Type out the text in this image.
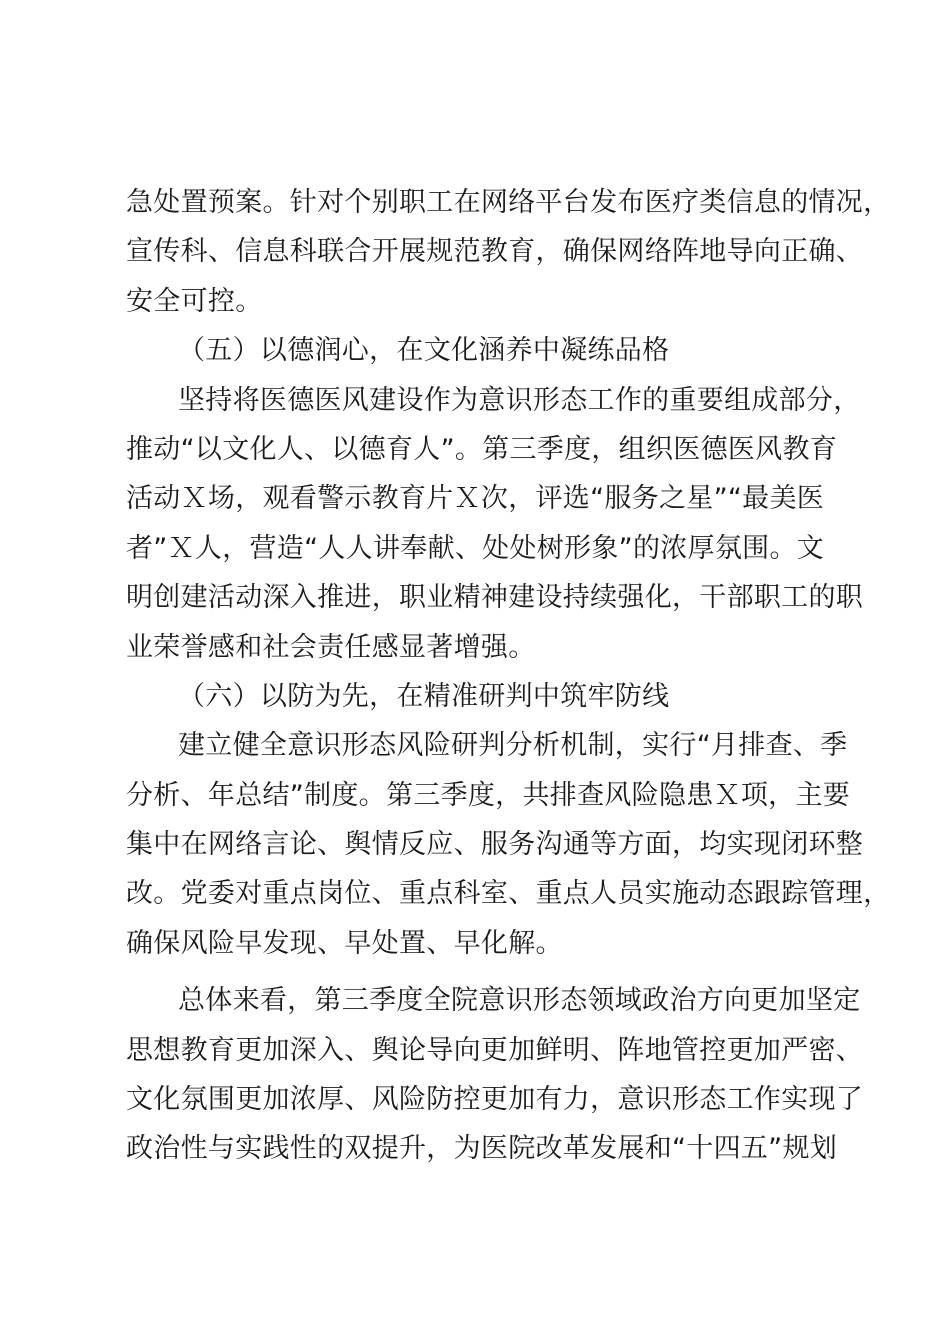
急处置预案。针对个别职工在网络平台发布医疗类信息的情况，
宣传科、信息科联合开展规范教育，确保网络阵地导向正确、
安全可控。
（五）以德润心，在文化涵养中凝练品格
坚持将医德医风建设作为意识形态工作的重要组成部分，
推动“以文化人、以德育人”。第三季度，组织医德医风教育
活动Ｘ场，观看警示教育片Ｘ次，评选“服务之星”“最美医
者”Ｘ人，营造“人人讲奉献、处处树形象”的浓厚氛围。文
明创建活动深入推进，职业精神建设持续强化，干部职工的职
业荣誉感和社会责任感显著增强。
（六）以防为先，在精准研判中筑牢防线
建立健全意识形态风险研判分析机制，实行“月排查、季
分析、年总结”制度。第三季度，共排查风险隐患Ｘ项，主要
集中在网络言论、舆情反应、服务沟通等方面，均实现闭环整
改。党委对重点岗位、重点科室、重点人员实施动态跟踪管理，
确保风险早发现、早处置、早化解。
总体来看，第三季度全院意识形态领域政治方向更加坚定
思想教育更加深入、舆论导向更加鲜明、阵地管控更加严密、
文化氛围更加浓厚、风险防控更加有力，意识形态工作实现了
政治性与实践性的双提升，为医院改革发展和“十四五”规划
